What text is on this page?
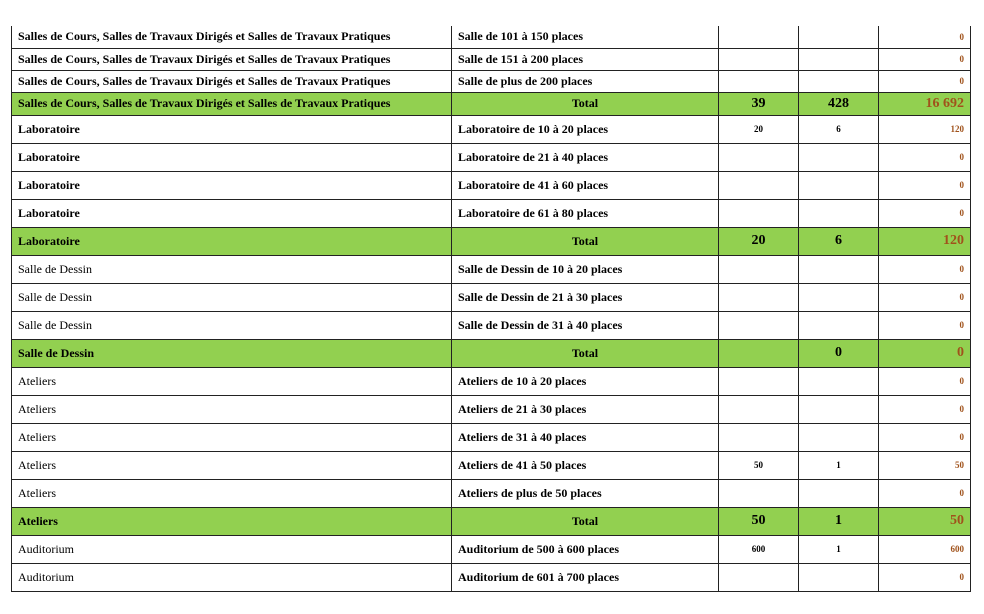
Salles de Cours, Salles de Travaux Dirigés et Salles de Travaux Pratiques	Salle de 101 à 150 places			0
Salles de Cours, Salles de Travaux Dirigés et Salles de Travaux Pratiques	Salle de 151 à 200 places			0
Salles de Cours, Salles de Travaux Dirigés et Salles de Travaux Pratiques	Salle de plus de 200 places			0
Salles de Cours, Salles de Travaux Dirigés et Salles de Travaux Pratiques	Total	39	428	16 692
Laboratoire	Laboratoire de 10 à 20 places	20	6	120
Laboratoire	Laboratoire de 21 à 40 places			0
Laboratoire	Laboratoire de 41 à 60 places			0
Laboratoire	Laboratoire de 61 à 80 places			0
Laboratoire	Total	20	6	120
Salle de Dessin	Salle de Dessin de 10 à 20 places			0
Salle de Dessin	Salle de Dessin de 21 à 30 places			0
Salle de Dessin	Salle de Dessin de 31 à 40 places			0
Salle de Dessin	Total		0	0
Ateliers	Ateliers de 10 à 20 places			0
Ateliers	Ateliers de 21 à 30 places			0
Ateliers	Ateliers de 31 à 40 places			0
Ateliers	Ateliers de 41 à 50 places	50	1	50
Ateliers	Ateliers de plus de 50 places			0
Ateliers	Total	50	1	50
Auditorium	Auditorium de 500 à 600 places	600	1	600
Auditorium	Auditorium de 601 à 700 places			0
